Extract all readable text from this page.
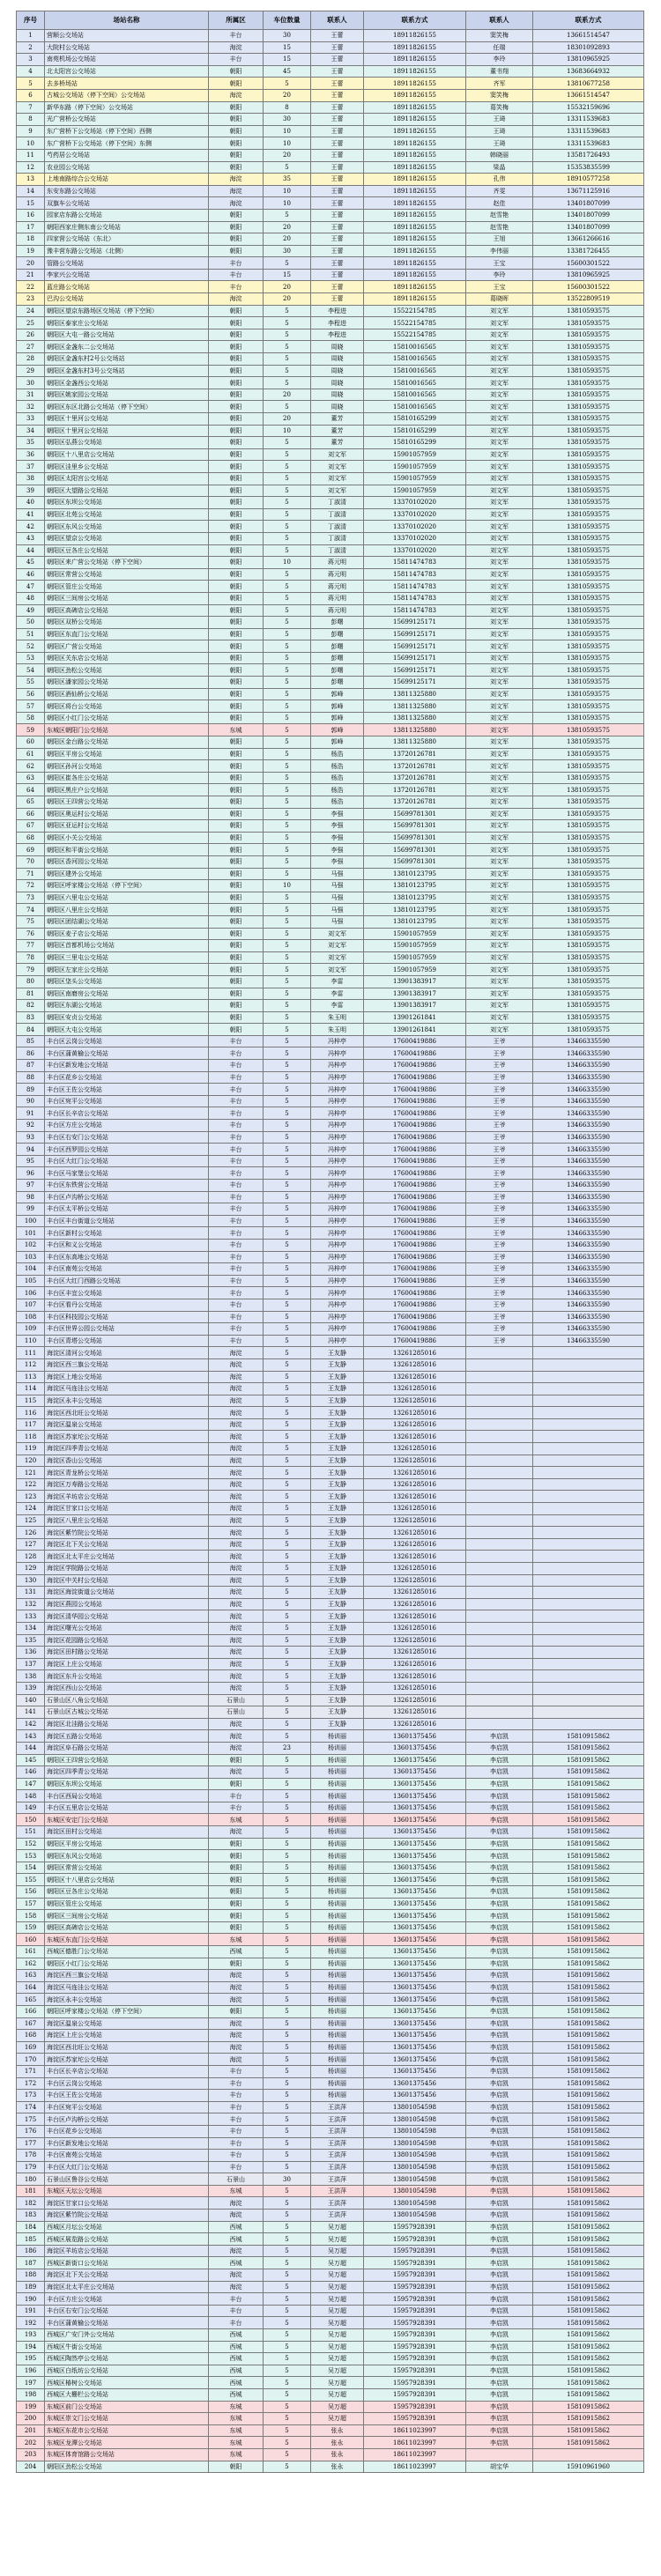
序号	场站名称	所属区	车位数量	联系人	联系方式	联系人	联系方式
1	营顺公交场站	丰台	30	王蕾	18911826155	窦笑梅	13661514547
2	大院村公交场站	海淀	15	王蕾	18911826155	任瑞	18301092893
3	南苑机场公交场站	丰台	15	王蕾	18911826155	李玲	13810965925
4	北太阳宫公交场站	朝阳	45	王蕾	18911826155	董书翔	13683664932
5	去多桥场站	朝阳	5	王蕾	18911826155	齐军	13810677258
6	古城公交场站（停下空间）公交场站	海淀	20	王蕾	18911826155	窦笑梅	13661514547
7	新华东路（停下空间）公交场站	朝阳	8	王蕾	18911826155	葛笑梅	15532159696
8	光广营桥公交场站	朝阳	30	王蕾	18911826155	王琦	13311539683
9	东广营桥下公交场站（停下空间）西侧	朝阳	10	王蕾	18911826155	王琦	13311539683
10	东广营桥下公交场站（停下空间）东侧	朝阳	10	王蕾	18911826155	王琦	13311539683
11	芍药居公交场站	朝阳	20	王蕾	18911826155	韩晓丽	13581726493
12	农业园公交场站	朝阳	5	王蕾	18911826155	梁晶	15353835599
13	上地南路综合公交场站	海淀	35	王蕾	18911826155	孔伟	18910577258
14	东安东路公交场站	海淀	10	王蕾	18911826155	齐雯	13671125916
15	双旗车公交场站	海淀	10	王蕾	18911826155	赵佳	13401807099
16	园家店东路公交场站	朝阳	5	王蕾	18911826155	赵雪艳	13401807099
17	朝阳西家庄侧东南公交场站	朝阳	20	王蕾	18911826155	赵雪艳	13401807099
18	四家营公交场站（东北）	朝阳	20	王蕾	18911826155	王旭	13661266616
19	豫丰营东路公交场站（北侧）	朝阳	30	王蕾	18911826155	李伟丽	13381726455
20	管路公交场站	丰台	5	王蕾	18911826155	王宝	15600301522
21	李家兴公交场站	丰台	15	王蕾	18911826155	李玲	13810965925
22	蓝庄路公交场站	丰台	20	王蕾	18911826155	王宝	15600301522
23	巴沟公交场站	海淀	20	王蕾	18911826155	葛晓晖	13522809519
24	朝阳区望京东路场区交场站（停下空间）	朝阳	5	李程进	15522154785	刘文军	13810593575
25	朝阳区泰家庄公交场站	朝阳	5	李程进	15522154785	刘文军	13810593575
26	朝阳区大屯一路公交场站	朝阳	5	李程进	15522154785	刘文军	13810593575
27	朝阳区金盏东二公交场站	朝阳	5	周晓	15810016565	刘文军	13810593575
28	朝阳区金盏东村2号公交场站	朝阳	5	周晓	15810016565	刘文军	13810593575
29	朝阳区金盏东村3号公交场站	朝阳	5	周晓	15810016565	刘文军	13810593575
30	朝阳区金盏西公交场站	朝阳	5	周晓	15810016565	刘文军	13810593575
31	朝阳区姚家园公交场站	朝阳	20	周晓	15810016565	刘文军	13810593575
32	朝阳区东区北路公交场站（停下空间）	朝阳	5	周晓	15810016565	刘文军	13810593575
33	朝阳区十里河公交场站	朝阳	20	董芳	15810165299	刘文军	13810593575
34	朝阳区十里河公交场站	朝阳	10	董芳	15810165299	刘文军	13810593575
35	朝阳区弘燕公交场站	朝阳	5	董芳	15810165299	刘文军	13810593575
36	朝阳区十八里店公交场站	朝阳	5	刘文军	15901057959	刘文军	13810593575
37	朝阳区洼里乡公交场站	朝阳	5	刘文军	15901057959	刘文军	13810593575
38	朝阳区太阳宫公交场站	朝阳	5	刘文军	15901057959	刘文军	13810593575
39	朝阳区大望路公交场站	朝阳	5	刘文军	15901057959	刘文军	13810593575
40	朝阳区东坝公交场站	朝阳	5	丁淑清	13370102020	刘文军	13810593575
41	朝阳区北苑公交场站	朝阳	5	丁淑清	13370102020	刘文军	13810593575
42	朝阳区东风公交场站	朝阳	5	丁淑清	13370102020	刘文军	13810593575
43	朝阳区望京公交场站	朝阳	5	丁淑清	13370102020	刘文军	13810593575
44	朝阳区豆各庄公交场站	朝阳	5	丁淑清	13370102020	刘文军	13810593575
45	朝阳区来广营公交场站（停下空间）	朝阳	10	蒋元明	15811474783	刘文军	13810593575
46	朝阳区常营公交场站	朝阳	5	蒋元明	15811474783	刘文军	13810593575
47	朝阳区管庄公交场站	朝阳	5	蒋元明	15811474783	刘文军	13810593575
48	朝阳区三间房公交场站	朝阳	5	蒋元明	15811474783	刘文军	13810593575
49	朝阳区高碑店公交场站	朝阳	5	蒋元明	15811474783	刘文军	13810593575
50	朝阳区双桥公交场站	朝阳	5	彭曙	15699125171	刘文军	13810593575
51	朝阳区东直门公交场站	朝阳	5	彭曙	15699125171	刘文军	13810593575
52	朝阳区广营公交场站	朝阳	5	彭曙	15699125171	刘文军	13810593575
53	朝阳区关东店公交场站	朝阳	5	彭曙	15699125171	刘文军	13810593575
54	朝阳区劲松公交场站	朝阳	5	彭曙	15699125171	刘文军	13810593575
55	朝阳区潘家园公交场站	朝阳	5	彭曙	15699125171	刘文军	13810593575
56	朝阳区酒仙桥公交场站	朝阳	5	郭峰	13811325880	刘文军	13810593575
57	朝阳区将台公交场站	朝阳	5	郭峰	13811325880	刘文军	13810593575
58	朝阳区小红门公交场站	朝阳	5	郭峰	13811325880	刘文军	13810593575
59	东城区朝阳门公交场站	东城	5	郭峰	13811325880	刘文军	13810593575
60	朝阳区金台路公交场站	朝阳	5	郭峰	13811325880	刘文军	13810593575
61	朝阳区平房公交场站	朝阳	5	杨浩	13720126781	刘文军	13810593575
62	朝阳区孙河公交场站	朝阳	5	杨浩	13720126781	刘文军	13810593575
63	朝阳区崔各庄公交场站	朝阳	5	杨浩	13720126781	刘文军	13810593575
64	朝阳区黑庄户公交场站	朝阳	5	杨浩	13720126781	刘文军	13810593575
65	朝阳区王四营公交场站	朝阳	5	杨浩	13720126781	刘文军	13810593575
66	朝阳区奥运村公交场站	朝阳	5	李强	15699781301	刘文军	13810593575
67	朝阳区亚运村公交场站	朝阳	5	李强	15699781301	刘文军	13810593575
68	朝阳区小关公交场站	朝阳	5	李强	15699781301	刘文军	13810593575
69	朝阳区和平街公交场站	朝阳	5	李强	15699781301	刘文军	13810593575
70	朝阳区香河园公交场站	朝阳	5	李强	15699781301	刘文军	13810593575
71	朝阳区建外公交场站	朝阳	5	马强	13810123795	刘文军	13810593575
72	朝阳区呼家楼公交场站（停下空间）	朝阳	10	马强	13810123795	刘文军	13810593575
73	朝阳区六里屯公交场站	朝阳	5	马强	13810123795	刘文军	13810593575
74	朝阳区八里庄公交场站	朝阳	5	马强	13810123795	刘文军	13810593575
75	朝阳区团结湖公交场站	朝阳	5	马强	13810123795	刘文军	13810593575
76	朝阳区麦子店公交场站	朝阳	5	刘文军	15901057959	刘文军	13810593575
77	朝阳区首都机场公交场站	朝阳	5	刘文军	15901057959	刘文军	13810593575
78	朝阳区三里屯公交场站	朝阳	5	刘文军	15901057959	刘文军	13810593575
79	朝阳区左家庄公交场站	朝阳	5	刘文军	15901057959	刘文军	13810593575
80	朝阳区垡头公交场站	朝阳	5	李雷	13901383917	刘文军	13810593575
81	朝阳区南磨房公交场站	朝阳	5	李雷	13901383917	刘文军	13810593575
82	朝阳区东湖公交场站	朝阳	5	李雷	13901383917	刘文军	13810593575
83	朝阳区安贞公交场站	朝阳	5	朱玉明	13901261841	刘文军	13810593575
84	朝阳区大屯公交场站	朝阳	5	朱玉明	13901261841	刘文军	13810593575
85	丰台区云岗公交场站	丰台	5	冯梓亭	17600419886	王爷	13466335590
86	丰台区蒲黄榆公交场站	丰台	5	冯梓亭	17600419886	王爷	13466335590
87	丰台区新发地公交场站	丰台	5	冯梓亭	17600419886	王爷	13466335590
88	丰台区花乡公交场站	丰台	5	冯梓亭	17600419886	王爷	13466335590
89	丰台区王佐公交场站	丰台	5	冯梓亭	17600419886	王爷	13466335590
90	丰台区宛平公交场站	丰台	5	冯梓亭	17600419886	王爷	13466335590
91	丰台区长辛店公交场站	丰台	5	冯梓亭	17600419886	王爷	13466335590
92	丰台区方庄公交场站	丰台	5	冯梓亭	17600419886	王爷	13466335590
93	丰台区右安门公交场站	丰台	5	冯梓亭	17600419886	王爷	13466335590
94	丰台区西罗园公交场站	丰台	5	冯梓亭	17600419886	王爷	13466335590
95	丰台区大红门公交场站	丰台	5	冯梓亭	17600419886	王爷	13466335590
96	丰台区马家堡公交场站	丰台	5	冯梓亭	17600419886	王爷	13466335590
97	丰台区东铁营公交场站	丰台	5	冯梓亭	17600419886	王爷	13466335590
98	丰台区卢沟桥公交场站	丰台	5	冯梓亭	17600419886	王爷	13466335590
99	丰台区太平桥公交场站	丰台	5	冯梓亭	17600419886	王爷	13466335590
100	丰台区丰台街道公交场站	丰台	5	冯梓亭	17600419886	王爷	13466335590
101	丰台区新村公交场站	丰台	5	冯梓亭	17600419886	王爷	13466335590
102	丰台区和义公交场站	丰台	5	冯梓亭	17600419886	王爷	13466335590
103	丰台区东高地公交场站	丰台	5	冯梓亭	17600419886	王爷	13466335590
104	丰台区南苑公交场站	丰台	5	冯梓亭	17600419886	王爷	13466335590
105	丰台区大红门西路公交场站	丰台	5	冯梓亭	17600419886	王爷	13466335590
106	丰台区丰宜公交场站	丰台	5	冯梓亭	17600419886	王爷	13466335590
107	丰台区看丹公交场站	丰台	5	冯梓亭	17600419886	王爷	13466335590
108	丰台区科技园公交场站	丰台	5	冯梓亭	17600419886	王爷	13466335590
109	丰台区世界公园公交场站	丰台	5	冯梓亭	17600419886	王爷	13466335590
110	丰台区青塔公交场站	丰台	5	冯梓亭	17600419886	王爷	13466335590
111	海淀区清河公交场站	海淀	5	王友静	13261285016		
112	海淀区西三旗公交场站	海淀	5	王友静	13261285016		
113	海淀区上地公交场站	海淀	5	王友静	13261285016		
114	海淀区马连洼公交场站	海淀	5	王友静	13261285016		
115	海淀区永丰公交场站	海淀	5	王友静	13261285016		
116	海淀区西北旺公交场站	海淀	5	王友静	13261285016		
117	海淀区温泉公交场站	海淀	5	王友静	13261285016		
118	海淀区苏家坨公交场站	海淀	5	王友静	13261285016		
119	海淀区四季青公交场站	海淀	5	王友静	13261285016		
120	海淀区香山公交场站	海淀	5	王友静	13261285016		
121	海淀区青龙桥公交场站	海淀	5	王友静	13261285016		
122	海淀区万寿路公交场站	海淀	5	王友静	13261285016		
123	海淀区羊坊店公交场站	海淀	5	王友静	13261285016		
124	海淀区甘家口公交场站	海淀	5	王友静	13261285016		
125	海淀区八里庄公交场站	海淀	5	王友静	13261285016		
126	海淀区紫竹院公交场站	海淀	5	王友静	13261285016		
127	海淀区北下关公交场站	海淀	5	王友静	13261285016		
128	海淀区北太平庄公交场站	海淀	5	王友静	13261285016		
129	海淀区学院路公交场站	海淀	5	王友静	13261285016		
130	海淀区中关村公交场站	海淀	5	王友静	13261285016		
131	海淀区海淀街道公交场站	海淀	5	王友静	13261285016		
132	海淀区燕园公交场站	海淀	5	王友静	13261285016		
133	海淀区清华园公交场站	海淀	5	王友静	13261285016		
134	海淀区曙光公交场站	海淀	5	王友静	13261285016		
135	海淀区花园路公交场站	海淀	5	王友静	13261285016		
136	海淀区田村路公交场站	海淀	5	王友静	13261285016		
137	海淀区上庄公交场站	海淀	5	王友静	13261285016		
138	海淀区东升公交场站	海淀	5	王友静	13261285016		
139	海淀区西山公交场站	海淀	5	王友静	13261285016		
140	石景山区八角公交场站	石景山	5	王友静	13261285016		
141	石景山区古城公交场站	石景山	5	王友静	13261285016		
142	海淀区北洼路公交场站	海淀	5	王友静	13261285016		
143	海淀区五路公交场站	海淀	5	杨训丽	13601375456	李启凯	15810915862
144	海淀区阜石路公交场站	海淀	23	杨训丽	13601375456	李启凯	15810915862
145	朝阳区王四营公交场站	朝阳	5	杨训丽	13601375456	李启凯	15810915862
146	海淀区四季青公交场站	海淀	5	杨训丽	13601375456	李启凯	15810915862
147	朝阳区东坝公交场站	朝阳	5	杨训丽	13601375456	李启凯	15810915862
148	丰台区西局公交场站	丰台	5	杨训丽	13601375456	李启凯	15810915862
149	丰台区五里店公交场站	丰台	5	杨训丽	13601375456	李启凯	15810915862
150	东城区安定门公交场站	东城	5	杨训丽	13601375456	李启凯	15810915862
151	海淀区田村公交场站	海淀	5	杨训丽	13601375456	李启凯	15810915862
152	朝阳区平房公交场站	朝阳	5	杨训丽	13601375456	李启凯	15810915862
153	朝阳区东风公交场站	朝阳	5	杨训丽	13601375456	李启凯	15810915862
154	朝阳区常营公交场站	朝阳	5	杨训丽	13601375456	李启凯	15810915862
155	朝阳区十八里店公交场站	朝阳	5	杨训丽	13601375456	李启凯	15810915862
156	朝阳区豆各庄公交场站	朝阳	5	杨训丽	13601375456	李启凯	15810915862
157	朝阳区管庄公交场站	朝阳	5	杨训丽	13601375456	李启凯	15810915862
158	朝阳区三间房公交场站	朝阳	5	杨训丽	13601375456	李启凯	15810915862
159	朝阳区高碑店公交场站	朝阳	5	杨训丽	13601375456	李启凯	15810915862
160	东城区东直门公交场站	东城	5	杨训丽	13601375456	李启凯	15810915862
161	西城区德胜门公交场站	西城	5	杨训丽	13601375456	李启凯	15810915862
162	朝阳区小红门公交场站	朝阳	5	杨训丽	13601375456	李启凯	15810915862
163	海淀区西三旗公交场站	海淀	5	杨训丽	13601375456	李启凯	15810915862
164	海淀区马连洼公交场站	海淀	5	杨训丽	13601375456	李启凯	15810915862
165	海淀区永丰公交场站	海淀	5	杨训丽	13601375456	李启凯	15810915862
166	朝阳区呼家楼公交场站（停下空间）	朝阳	5	杨训丽	13601375456	李启凯	15810915862
167	海淀区温泉公交场站	海淀	5	杨训丽	13601375456	李启凯	15810915862
168	海淀区上庄公交场站	海淀	5	杨训丽	13601375456	李启凯	15810915862
169	海淀区西北旺公交场站	海淀	5	杨训丽	13601375456	李启凯	15810915862
170	海淀区苏家坨公交场站	海淀	5	杨训丽	13601375456	李启凯	15810915862
171	丰台区长辛店公交场站	丰台	5	杨训丽	13601375456	李启凯	15810915862
172	丰台区云岗公交场站	丰台	5	杨训丽	13601375456	李启凯	15810915862
173	丰台区王佐公交场站	丰台	5	杨训丽	13601375456	李启凯	15810915862
174	丰台区宛平公交场站	丰台	5	王洪萍	13801054598	李启凯	15810915862
175	丰台区卢沟桥公交场站	丰台	5	王洪萍	13801054598	李启凯	15810915862
176	丰台区花乡公交场站	丰台	5	王洪萍	13801054598	李启凯	15810915862
177	丰台区新发地公交场站	丰台	5	王洪萍	13801054598	李启凯	15810915862
178	丰台区南苑公交场站	丰台	5	王洪萍	13801054598	李启凯	15810915862
179	丰台区大红门公交场站	丰台	5	王洪萍	13801054598	李启凯	15810915862
180	石景山区鲁谷公交场站	石景山	30	王洪萍	13801054598	李启凯	15810915862
181	东城区天坛公交场站	东城	5	王洪萍	13801054598	李启凯	15810915862
182	海淀区甘家口公交场站	海淀	5	王洪萍	13801054598	李启凯	15810915862
183	海淀区紫竹院公交场站	海淀	5	王洪萍	13801054598	李启凯	15810915862
184	西城区月坛公交场站	西城	5	吴万超	15957928391	李启凯	15810915862
185	西城区展览路公交场站	西城	5	吴万超	15957928391	李启凯	15810915862
186	海淀区羊坊店公交场站	海淀	5	吴万超	15957928391	李启凯	15810915862
187	西城区新街口公交场站	西城	5	吴万超	15957928391	李启凯	15810915862
188	海淀区北下关公交场站	海淀	5	吴万超	15957928391	李启凯	15810915862
189	海淀区北太平庄公交场站	海淀	5	吴万超	15957928391	李启凯	15810915862
190	丰台区方庄公交场站	丰台	5	吴万超	15957928391	李启凯	15810915862
191	丰台区右安门公交场站	丰台	5	吴万超	15957928391	李启凯	15810915862
192	丰台区蒲黄榆公交场站	丰台	5	吴万超	15957928391	李启凯	15810915862
193	西城区广安门外公交场站	西城	5	吴万超	15957928391	李启凯	15810915862
194	西城区牛街公交场站	西城	5	吴万超	15957928391	李启凯	15810915862
195	西城区陶然亭公交场站	西城	5	吴万超	15957928391	李启凯	15810915862
196	西城区白纸坊公交场站	西城	5	吴万超	15957928391	李启凯	15810915862
197	西城区椿树公交场站	西城	5	吴万超	15957928391	李启凯	15810915862
198	西城区大栅栏公交场站	西城	5	吴万超	15957928391	李启凯	15810915862
199	东城区前门公交场站	东城	5	吴万超	15957928391	李启凯	15810915862
200	东城区崇文门公交场站	东城	5	吴万超	15957928391	李启凯	15810915862
201	东城区东花市公交场站	东城	5	张永	18611023997	李启凯	15810915862
202	东城区龙潭公交场站	东城	5	张永	18611023997	李启凯	15810915862
203	东城区体育馆路公交场站	东城	5	张永	18611023997		
204	朝阳区劲松公交场站	朝阳	5	张永	18611023997	胡宝华	15910961960
